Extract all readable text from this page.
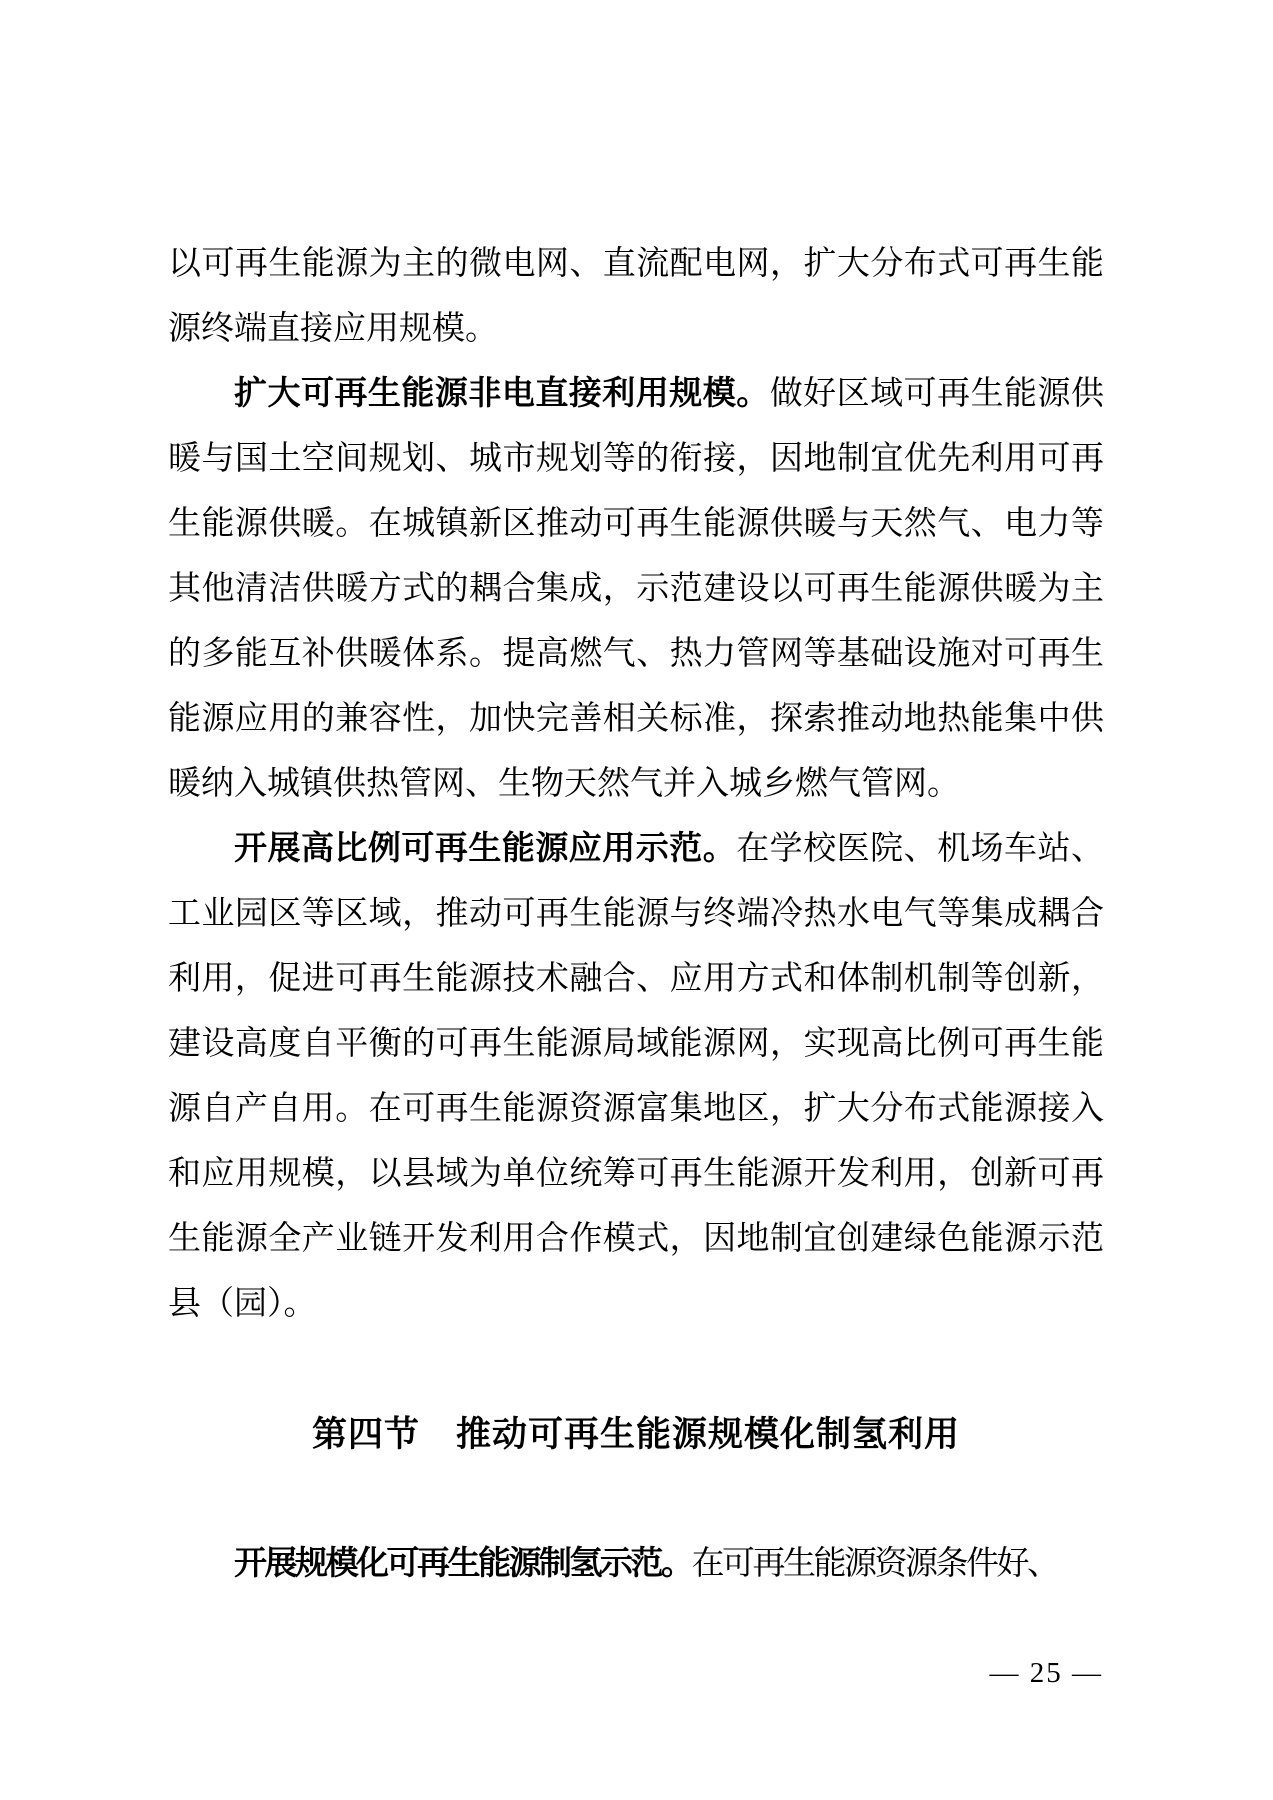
以可再生能源为主的微电网、直流配电网，扩大分布式可再生能源终端直接应用规模。

扩大可再生能源非电直接利用规模。做好区域可再生能源供暖与国土空间规划、城市规划等的衔接，因地制宜优先利用可再生能源供暖。在城镇新区推动可再生能源供暖与天然气、电力等其他清洁供暖方式的耦合集成，示范建设以可再生能源供暖为主的多能互补供暖体系。提高燃气、热力管网等基础设施对可再生能源应用的兼容性，加快完善相关标准，探索推动地热能集中供暖纳入城镇供热管网、生物天然气并入城乡燃气管网。

开展高比例可再生能源应用示范。在学校医院、机场车站、工业园区等区域，推动可再生能源与终端冷热水电气等集成耦合利用，促进可再生能源技术融合、应用方式和体制机制等创新，建设高度自平衡的可再生能源局域能源网，实现高比例可再生能源自产自用。在可再生能源资源富集地区，扩大分布式能源接入和应用规模，以县域为单位统筹可再生能源开发利用，创新可再生能源全产业链开发利用合作模式，因地制宜创建绿色能源示范县（园）。

第四节　推动可再生能源规模化制氢利用

开展规模化可再生能源制氢示范。在可再生能源资源条件好、

— 25 —
